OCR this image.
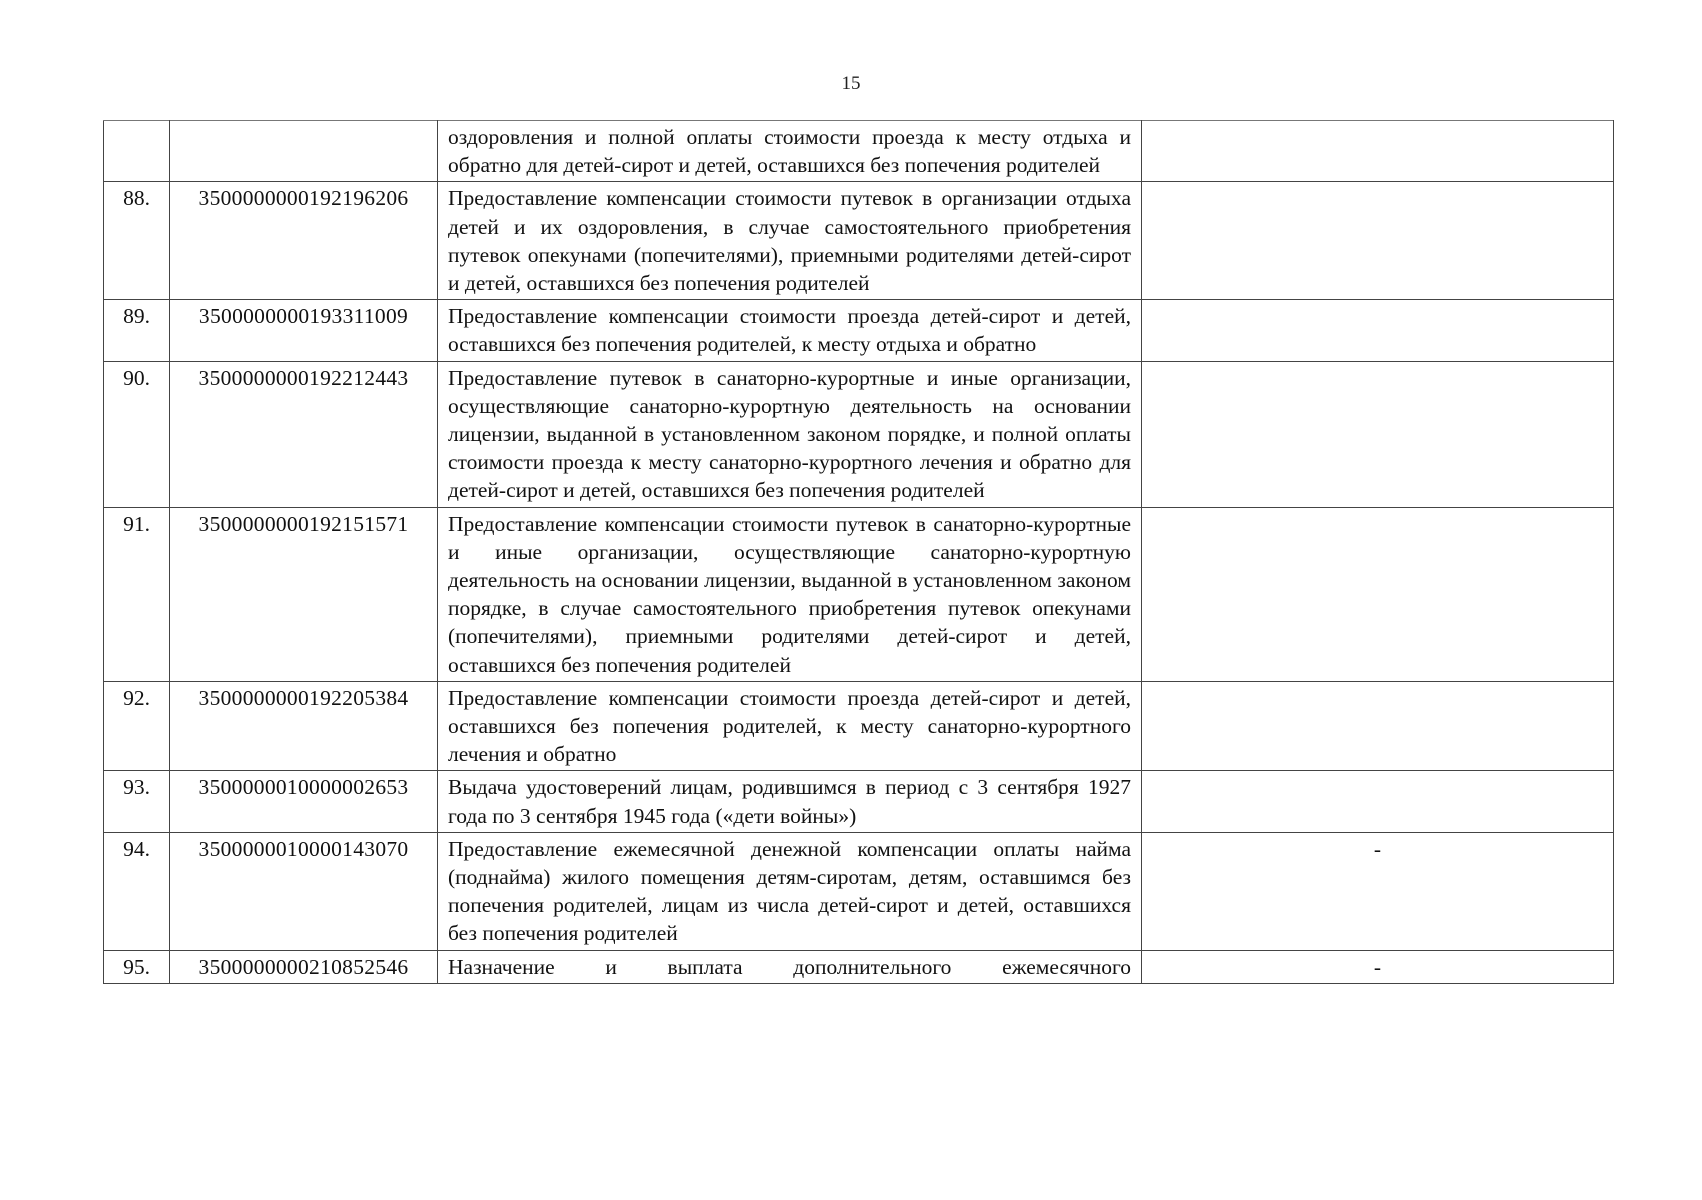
15
		оздоровления и полной оплаты стоимости проезда к месту отдыха и обратно для детей-сирот и детей, оставшихся без попечения родителей	
88.	3500000000192196206	Предоставление компенсации стоимости путевок в организации отдыха детей и их оздоровления, в случае самостоятельного приобретения путевок опекунами (попечителями), приемными родителями детей-сирот и детей, оставшихся без попечения родителей	
89.	3500000000193311009	Предоставление компенсации стоимости проезда детей-сирот и детей, оставшихся без попечения родителей, к месту отдыха и обратно	
90.	3500000000192212443	Предоставление путевок в санаторно-курортные и иные организации, осуществляющие санаторно-курортную деятельность на основании лицензии, выданной в установленном законом порядке, и полной оплаты стоимости проезда к месту санаторно-курортного лечения и обратно для детей-сирот и детей, оставшихся без попечения родителей	
91.	3500000000192151571	Предоставление компенсации стоимости путевок в санаторно-курортные и иные организации, осуществляющие санаторно-курортную деятельность на основании лицензии, выданной в установленном законом порядке, в случае самостоятельного приобретения путевок опекунами (попечителями), приемными родителями детей-сирот и детей, оставшихся без попечения родителей	
92.	3500000000192205384	Предоставление компенсации стоимости проезда детей-сирот и детей, оставшихся без попечения родителей, к месту санаторно-курортного лечения и обратно	
93.	3500000010000002653	Выдача удостоверений лицам, родившимся в период с 3 сентября 1927 года по 3 сентября 1945 года («дети войны»)	
94.	3500000010000143070	Предоставление ежемесячной денежной компенсации оплаты найма (поднайма) жилого помещения детям-сиротам, детям, оставшимся без попечения родителей, лицам из числа детей-сирот и детей, оставшихся без попечения родителей	-
95.	3500000000210852546	Назначение и выплата дополнительного ежемесячного	-
